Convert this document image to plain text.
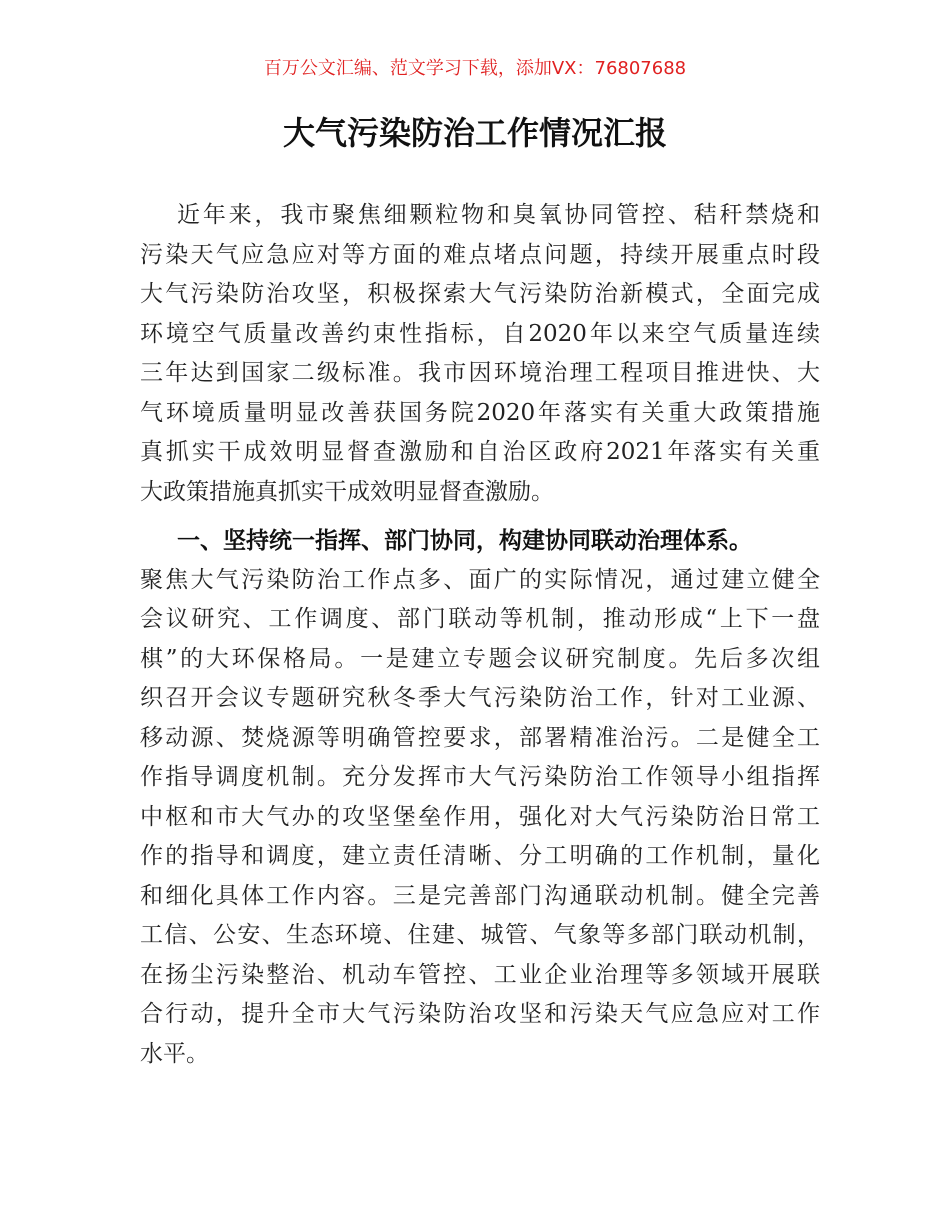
百万公文汇编、范文学习下载，添加VX：76807688
大气污染防治工作情况汇报
近年来，我市聚焦细颗粒物和臭氧协同管控、秸秆禁烧和
污染天气应急应对等方面的难点堵点问题，持续开展重点时段
大气污染防治攻坚，积极探索大气污染防治新模式，全面完成
环境空气质量改善约束性指标，自2020年以来空气质量连续
三年达到国家二级标准。我市因环境治理工程项目推进快、大
气环境质量明显改善获国务院2020年落实有关重大政策措施
真抓实干成效明显督查激励和自治区政府2021年落实有关重
大政策措施真抓实干成效明显督查激励。
一、坚持统一指挥、部门协同，构建协同联动治理体系。
聚焦大气污染防治工作点多、面广的实际情况，通过建立健全
会议研究、工作调度、部门联动等机制，推动形成“上下一盘
棋”的大环保格局。一是建立专题会议研究制度。先后多次组
织召开会议专题研究秋冬季大气污染防治工作，针对工业源、
移动源、焚烧源等明确管控要求，部署精准治污。二是健全工
作指导调度机制。充分发挥市大气污染防治工作领导小组指挥
中枢和市大气办的攻坚堡垒作用，强化对大气污染防治日常工
作的指导和调度，建立责任清晰、分工明确的工作机制，量化
和细化具体工作内容。三是完善部门沟通联动机制。健全完善
工信、公安、生态环境、住建、城管、气象等多部门联动机制，
在扬尘污染整治、机动车管控、工业企业治理等多领域开展联
合行动，提升全市大气污染防治攻坚和污染天气应急应对工作
水平。
